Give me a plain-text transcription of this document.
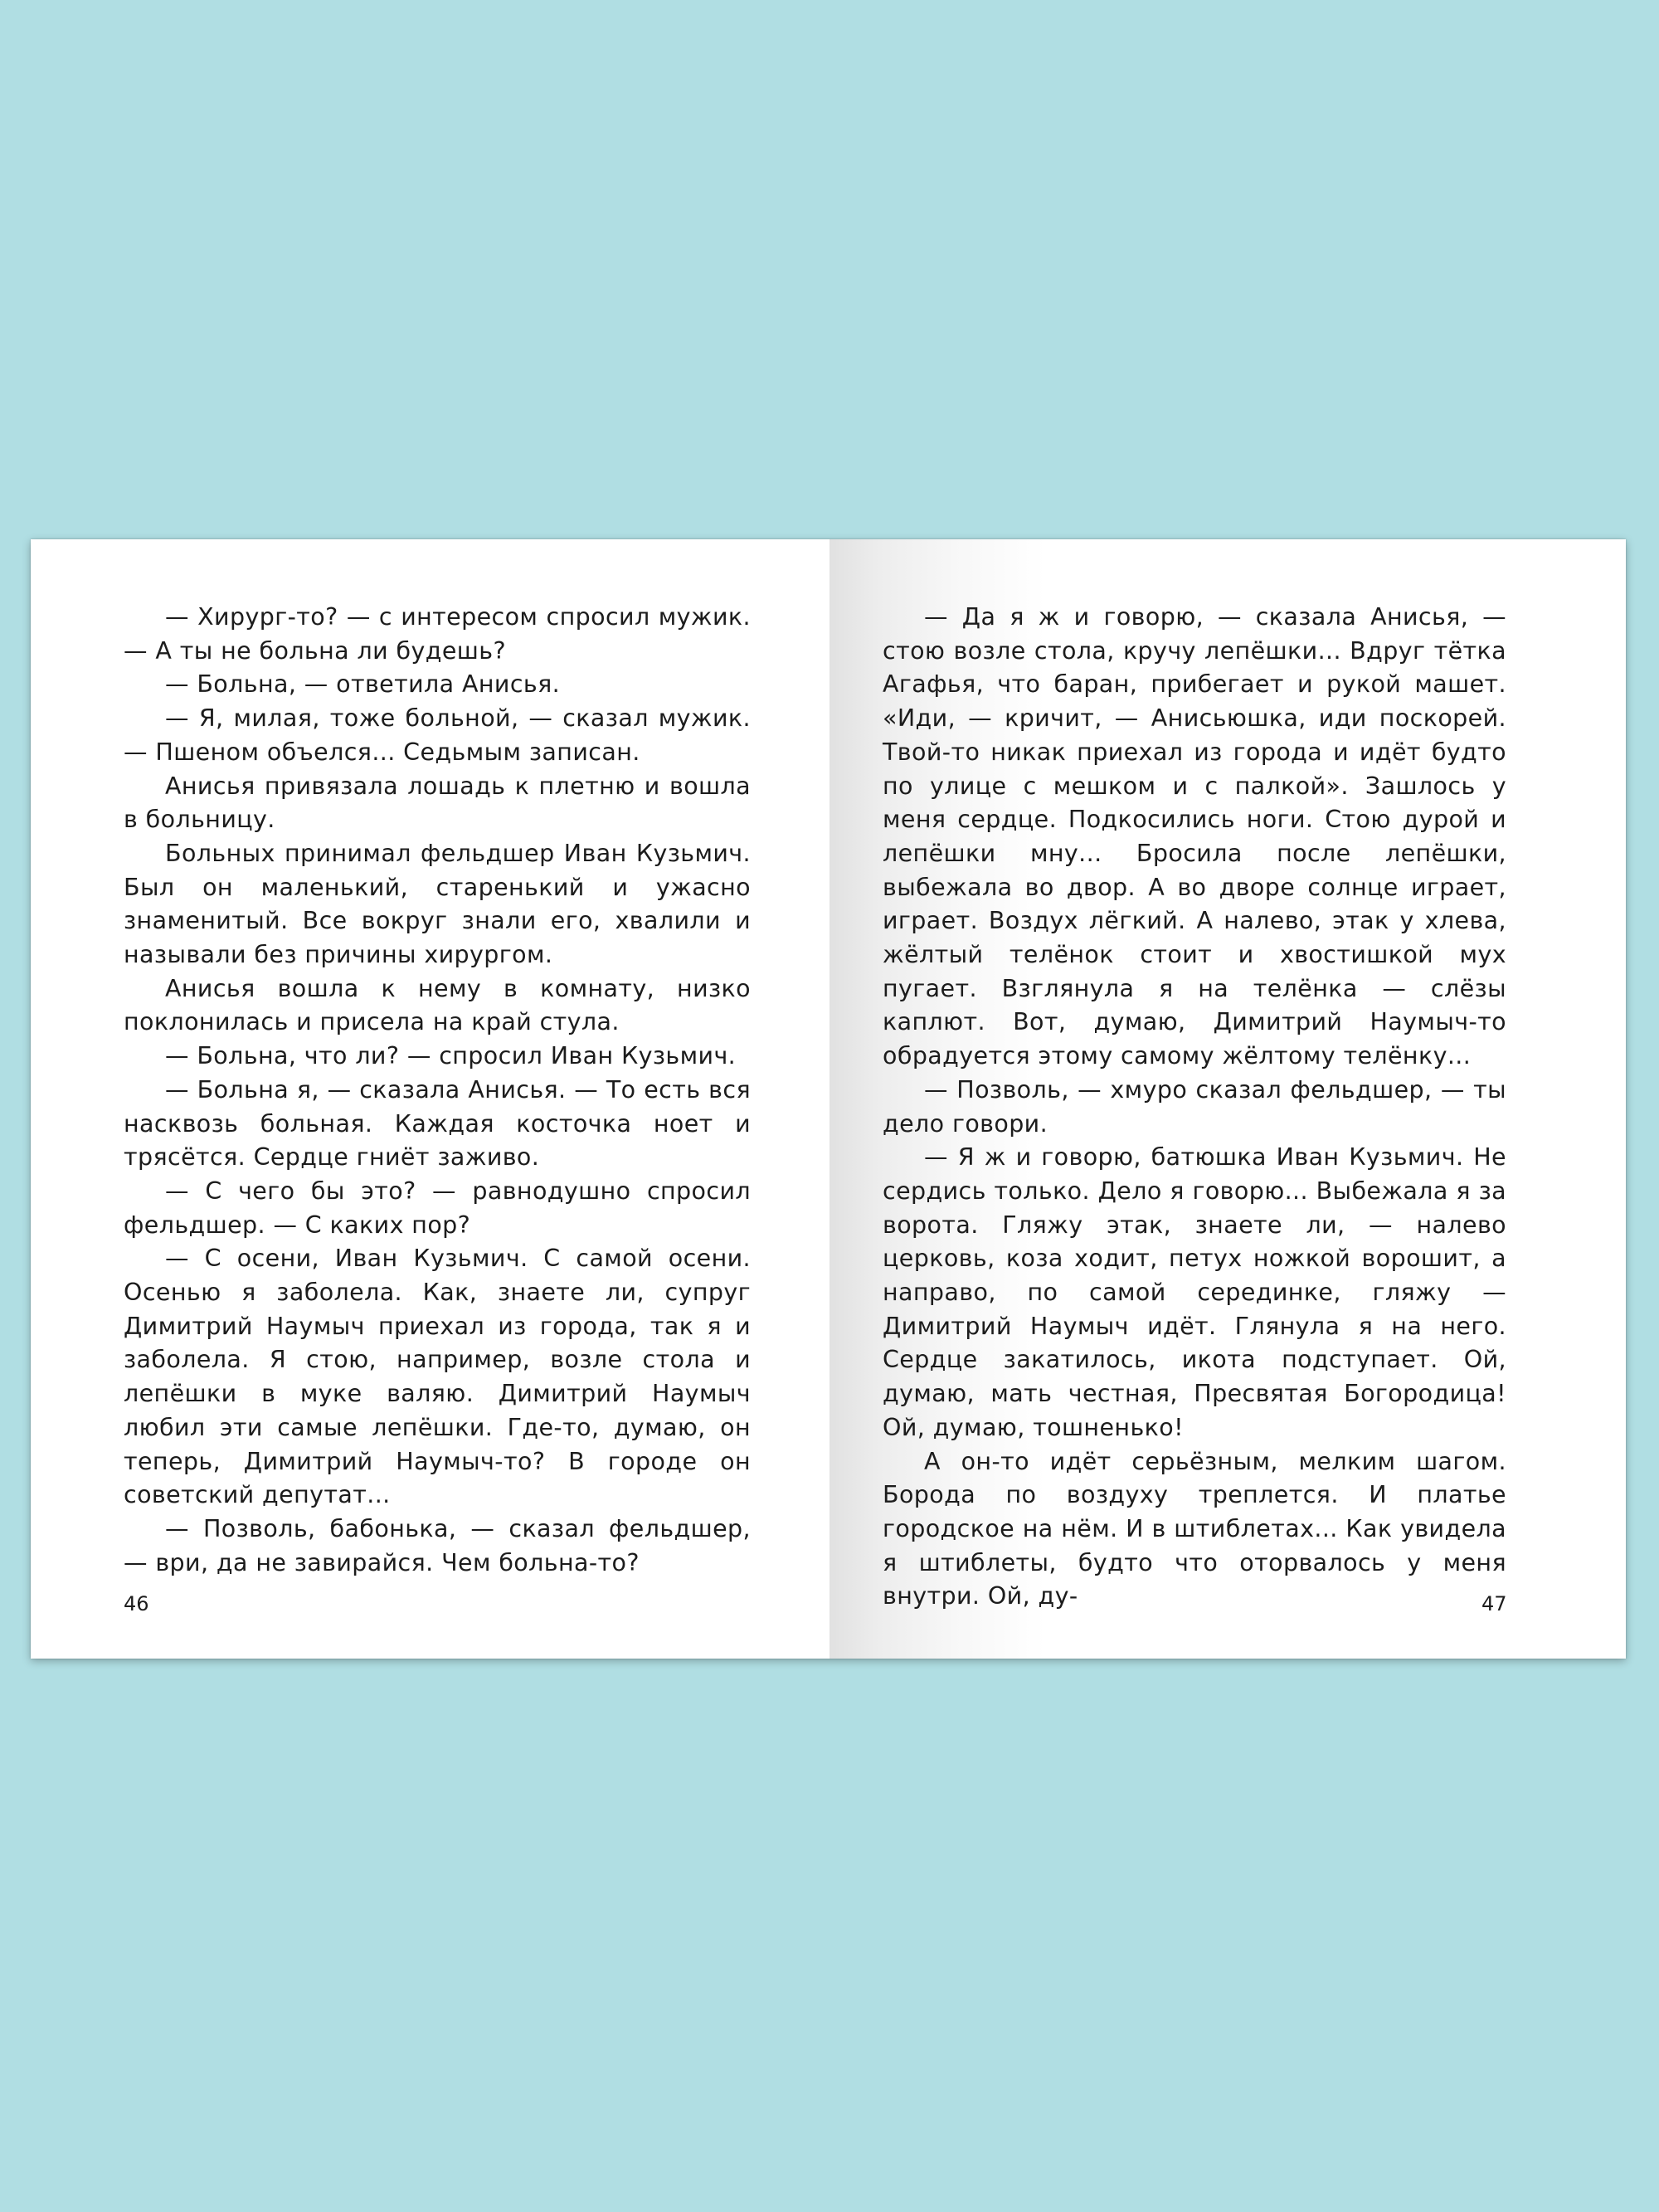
— Хирург-то? — с интересом спросил мужик. — А ты не больна ли будешь?

— Больна, — ответила Анисья.

— Я, милая, тоже больной, — сказал мужик. — Пшеном объелся... Седьмым записан.

Анисья привязала лошадь к плетню и вошла в больницу.

Больных принимал фельдшер Иван Кузьмич. Был он маленький, старенький и ужасно знаменитый. Все вокруг знали его, хвалили и называли без причины хирургом.

Анисья вошла к нему в комнату, низко поклонилась и присела на край стула.

— Больна, что ли? — спросил Иван Кузьмич.

— Больна я, — сказала Анисья. — То есть вся насквозь больная. Каждая косточка ноет и трясётся. Сердце гниёт заживо.

— С чего бы это? — равнодушно спросил фельдшер. — С каких пор?

— С осени, Иван Кузьмич. С самой осени. Осенью я заболела. Как, знаете ли, супруг Димитрий Наумыч приехал из города, так я и заболела. Я стою, например, возле стола и лепёшки в муке валяю. Димитрий Наумыч любил эти самые лепёшки. Где-то, думаю, он теперь, Димитрий Наумыч-то? В городе он советский депутат...

— Позволь, бабонька, — сказал фельдшер, — ври, да не завирайся. Чем больна-то?

46

— Да я ж и говорю, — сказала Анисья, — стою возле стола, кручу лепёшки... Вдруг тётка Агафья, что баран, прибегает и рукой машет. «Иди, — кричит, — Анисьюшка, иди поскорей. Твой-то никак приехал из города и идёт будто по улице с мешком и с палкой». Зашлось у меня сердце. Подкосились ноги. Стою дурой и лепёшки мну... Бросила после лепёшки, выбежала во двор. А во дворе солнце играет, играет. Воздух лёгкий. А налево, этак у хлева, жёлтый телёнок стоит и хвостишкой мух пугает. Взглянула я на телёнка — слёзы каплют. Вот, думаю, Димитрий Наумыч-то обрадуется этому самому жёлтому телёнку...

— Позволь, — хмуро сказал фельдшер, — ты дело говори.

— Я ж и говорю, батюшка Иван Кузьмич. Не сердись только. Дело я говорю... Выбежала я за ворота. Гляжу этак, знаете ли, — налево церковь, коза ходит, петух ножкой ворошит, а направо, по самой серединке, гляжу — Димитрий Наумыч идёт. Глянула я на него. Сердце закатилось, икота подступает. Ой, думаю, мать честная, Пресвятая Богородица! Ой, думаю, тошненько!

А он-то идёт серьёзным, мелким шагом. Борода по воздуху треплется. И платье городское на нём. И в штиблетах... Как увидела я штиблеты, будто что оторвалось у меня внутри. Ой, ду-	47
